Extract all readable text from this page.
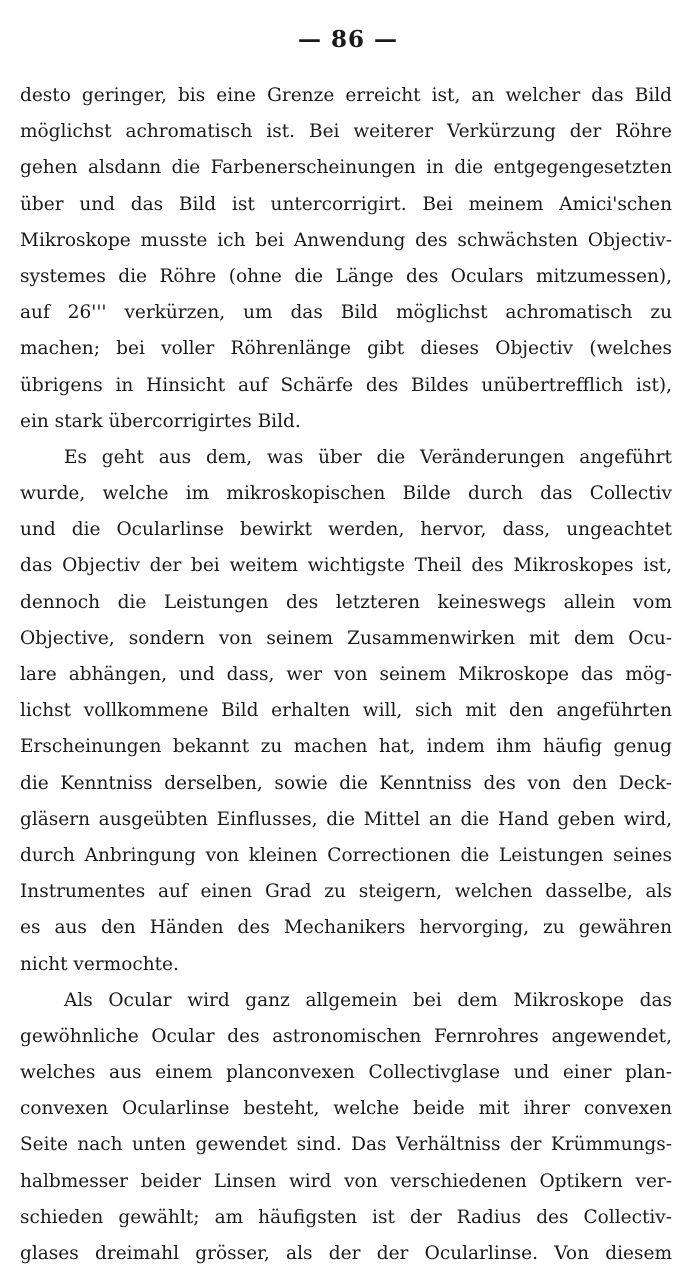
— 86 —
desto geringer, bis eine Grenze erreicht ist, an welcher das Bild
möglichst achromatisch ist. Bei weiterer Verkürzung der Röhre
gehen alsdann die Farbenerscheinungen in die entgegengesetzten
über und das Bild ist untercorrigirt. Bei meinem Amici'schen
Mikroskope musste ich bei Anwendung des schwächsten Objectiv-
systemes die Röhre (ohne die Länge des Oculars mitzumessen),
auf 26''' verkürzen, um das Bild möglichst achromatisch zu
machen; bei voller Röhrenlänge gibt dieses Objectiv (welches
übrigens in Hinsicht auf Schärfe des Bildes unübertrefflich ist),
ein stark übercorrigirtes Bild.
Es geht aus dem, was über die Veränderungen angeführt
wurde, welche im mikroskopischen Bilde durch das Collectiv
und die Ocularlinse bewirkt werden, hervor, dass, ungeachtet
das Objectiv der bei weitem wichtigste Theil des Mikroskopes ist,
dennoch die Leistungen des letzteren keineswegs allein vom
Objective, sondern von seinem Zusammenwirken mit dem Ocu-
lare abhängen, und dass, wer von seinem Mikroskope das mög-
lichst vollkommene Bild erhalten will, sich mit den angeführten
Erscheinungen bekannt zu machen hat, indem ihm häufig genug
die Kenntniss derselben, sowie die Kenntniss des von den Deck-
gläsern ausgeübten Einflusses, die Mittel an die Hand geben wird,
durch Anbringung von kleinen Correctionen die Leistungen seines
Instrumentes auf einen Grad zu steigern, welchen dasselbe, als
es aus den Händen des Mechanikers hervorging, zu gewähren
nicht vermochte.
Als Ocular wird ganz allgemein bei dem Mikroskope das
gewöhnliche Ocular des astronomischen Fernrohres angewendet,
welches aus einem planconvexen Collectivglase und einer plan-
convexen Ocularlinse besteht, welche beide mit ihrer convexen
Seite nach unten gewendet sind. Das Verhältniss der Krümmungs-
halbmesser beider Linsen wird von verschiedenen Optikern ver-
schieden gewählt; am häufigsten ist der Radius des Collectiv-
glases dreimahl grösser, als der der Ocularlinse. Von diesem
